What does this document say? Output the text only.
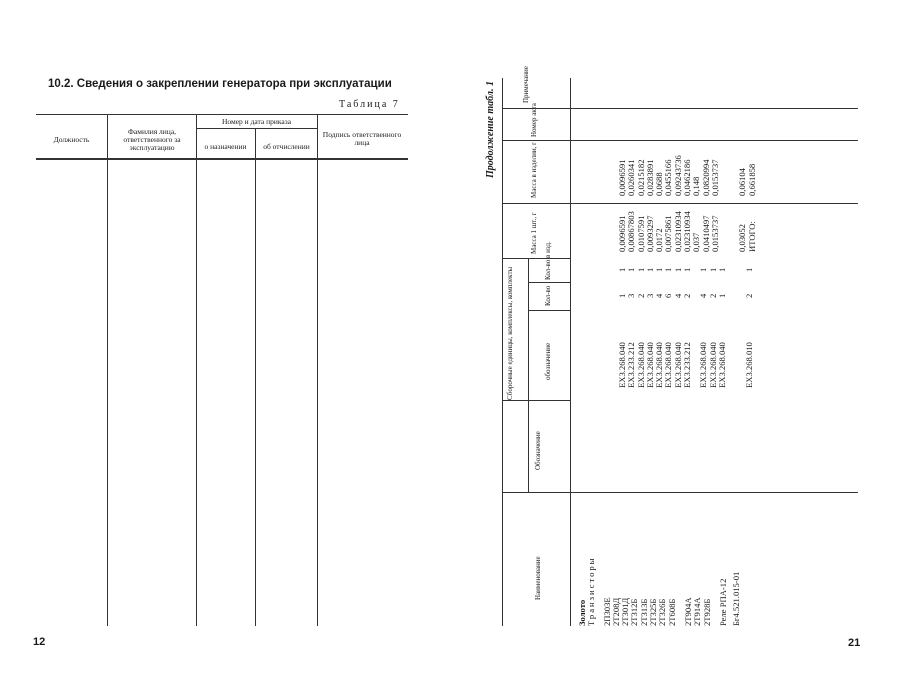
10.2. Сведения о закреплении генератора при эксплуатации
Таблица 7
Должность
Фамилия лица, ответственного за эксплуатацию
Номер и дата приказа
о назначении	об отчислении
Подпись ответственного лица
12
Продолжение табл. 1	Примечание
Номер акта
Масса в изделии, г
Масса 1 шт., г
Сборочные единицы, комплексы, комплекты
Кол-во в изд.
Кол-во
обозначение
Обозначение
Наименование
Золото Транзисторы 2П303Е 2Т208Д 2Т301Д 2Т312Б 2Т313Б 2Т325Б 2Т326Б 2Т608Б 2Т904А 2Т914А 2Т928Б Реле РПА-12 Бг4.521.015-01
ЕХ3.268.040 ЕХ3.233.212 ЕХ3.268.040 ЕХ3.268.040 ЕХ3.268.040 ЕХ3.268.040 ЕХ3.268.040 ЕХ3.233.212 ЕХ3.268.040 ЕХ3.268.040 ЕХ3.268.040 ЕХ3.268.010
1 3 2 3 4 6 4 2 4 2 1 2
1 1 1 1 1 1 1 1 1 1 1 1
0,0096591 0,00867803 0,0107591 0,0093297 0,0172 0,0075861 0,02310934 0,02310934 0,037 0,0410497 0,0153737 0,03052 ИТОГО:
0,0096591 0,0260341 0,0215182 0,0283891 0,0688 0,0455166 0,09243736 0,0462186 0,148 0,0820994 0,0153737 0,06104 0,661858
21
